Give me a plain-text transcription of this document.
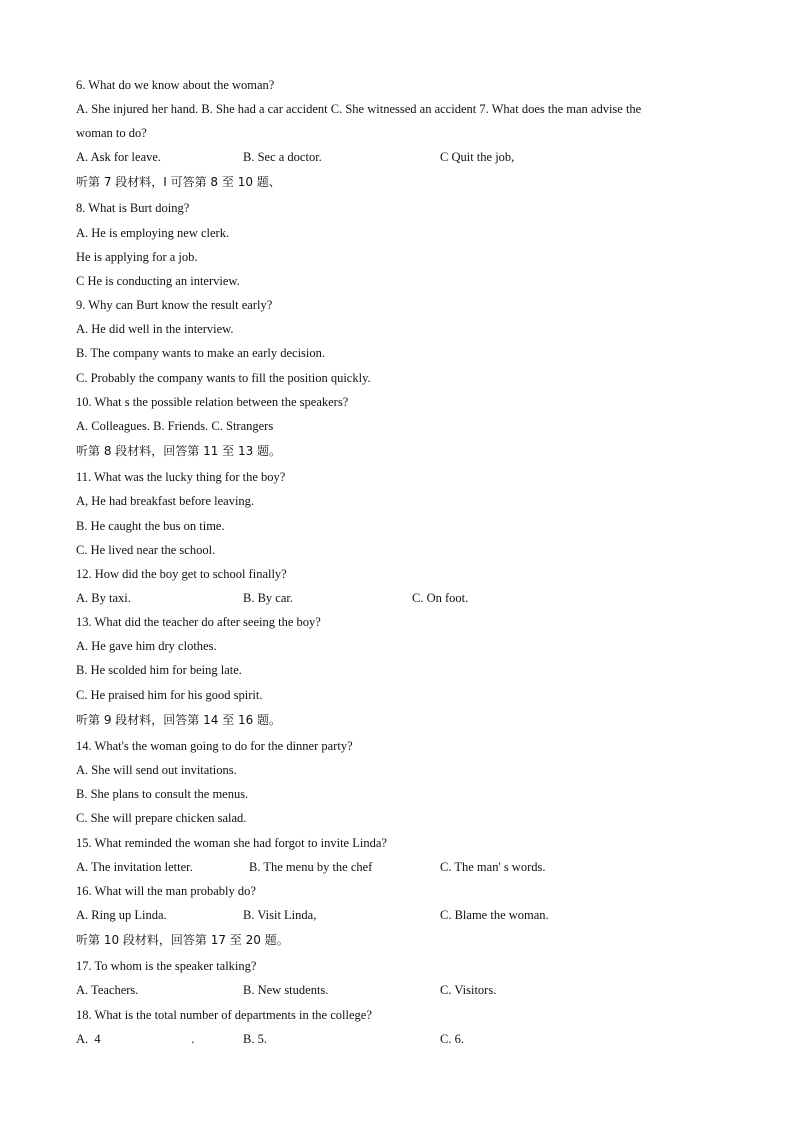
6. What do we know about the woman?
A. She injured her hand. B. She had a car accident C. She witnessed an accident 7. What does the man advise the
woman to do?
A. Ask for leave.	B. Sec a doctor.	C Quit the job,
听第 7 段材料，I 可答第 8 至 10 题、
8. What is Burt doing?
A. He is employing new clerk.
He is applying for a job.
C He is conducting an interview.
9. Why can Burt know the result early?
A. He did well in the interview.
B. The company wants to make an early decision.
C. Probably the company wants to fill the position quickly.
10. What s the possible relation between the speakers?
A. Colleagues. B. Friends. C. Strangers
听第 8 段材料，回答第 11 至 13 题。
11. What was the lucky thing for the boy?
A, He had breakfast before leaving.
B. He caught the bus on time.
C. He lived near the school.
12. How did the boy get to school finally?
A. By taxi.	B. By car.	C. On foot.
13. What did the teacher do after seeing the boy?
A. He gave him dry clothes.
B. He scolded him for being late.
C. He praised him for his good spirit.
听第 9 段材料，回答第 14 至 16 题。
14. What's the woman going to do for the dinner party?
A. She will send out invitations.
B. She plans to consult the menus.
C. She will prepare chicken salad.
15. What reminded the woman she had forgot to invite Linda?
A. The invitation letter.	B. The menu by the chef	C. The man' s words.
16. What will the man probably do?
A. Ring up Linda.	B. Visit Linda,	C. Blame the woman.
听第 10 段材料，回答第 17 至 20 题。
17. To whom is the speaker talking?
A. Teachers.	B. New students.	C. Visitors.
18. What is the total number of departments in the college?
A.  4                             .	B. 5.	C. 6.
